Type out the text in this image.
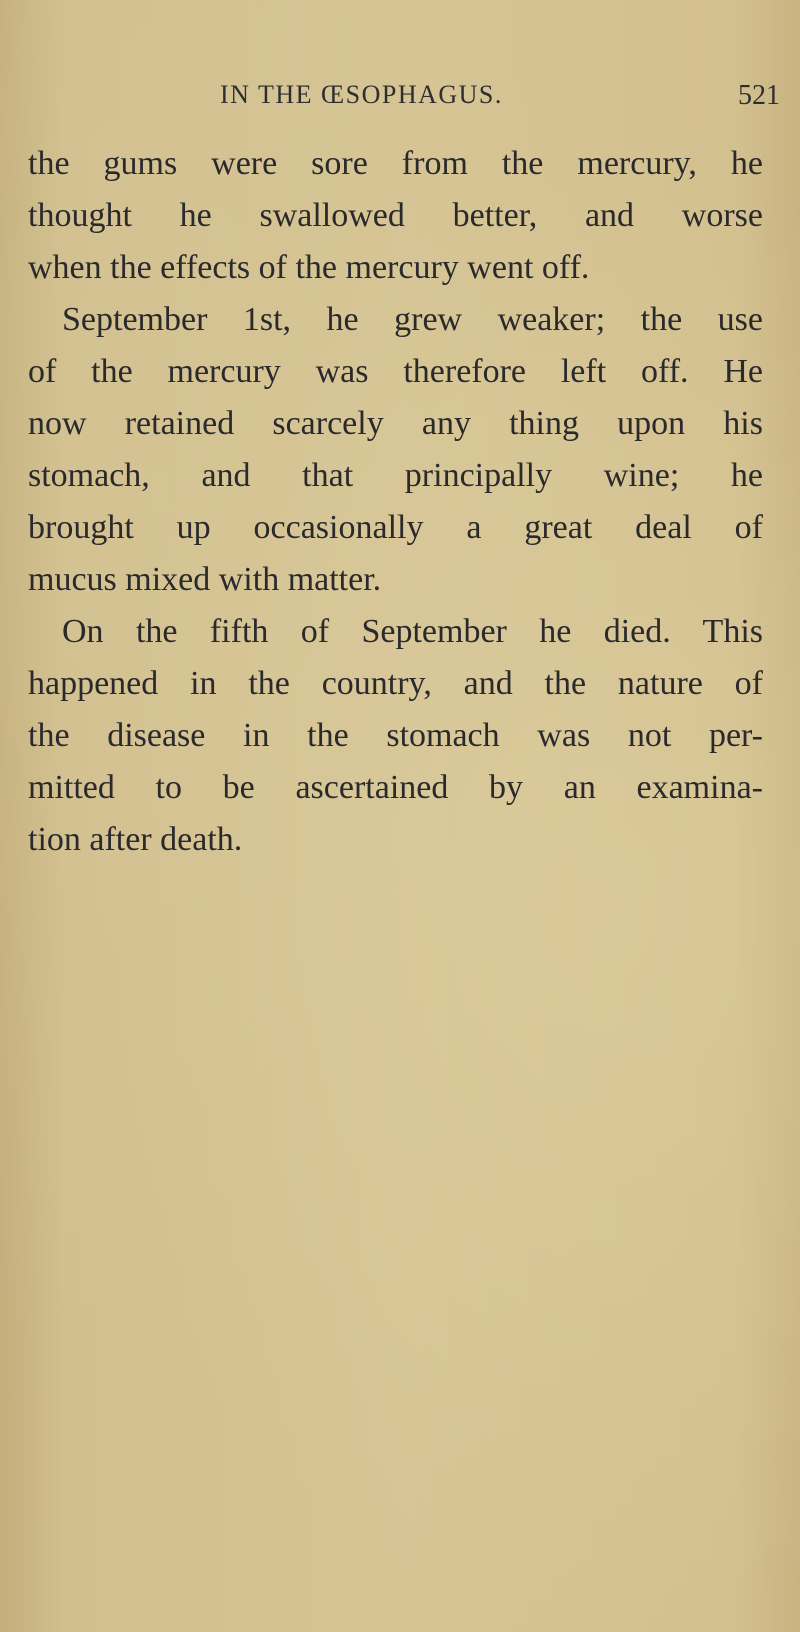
IN THE ŒSOPHAGUS.	521
the gums were sore from the mercury, he
thought he swallowed better, and worse
when the effects of the mercury went off.
September 1st, he grew weaker; the use
of the mercury was therefore left off. He
now retained scarcely any thing upon his
stomach, and that principally wine; he
brought up occasionally a great deal of
mucus mixed with matter.
On the fifth of September he died. This
happened in the country, and the nature of
the disease in the stomach was not per-
mitted to be ascertained by an examina-
tion after death.
